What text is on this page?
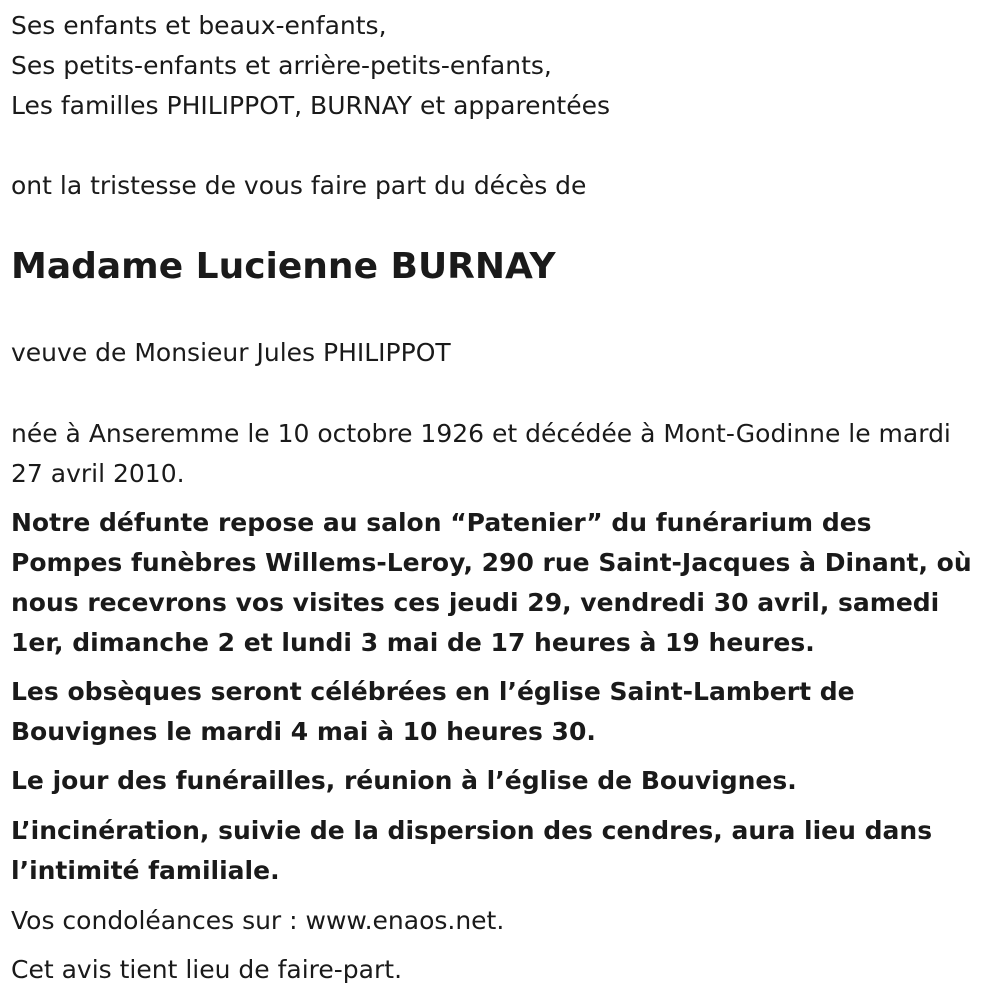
Ses enfants et beaux-enfants,

Ses petits-enfants et arrière-petits-enfants,

Les familles PHILIPPOT, BURNAY et apparentées

ont la tristesse de vous faire part du décès de

Madame Lucienne BURNAY

veuve de Monsieur Jules PHILIPPOT

née à Anseremme le 10 octobre 1926 et décédée à Mont-Godinne le mardi 27 avril 2010.

Notre défunte repose au salon “Patenier” du funérarium des Pompes funèbres Willems-Leroy, 290 rue Saint-Jacques à Dinant, où nous recevrons vos visites ces jeudi 29, vendredi 30 avril, samedi 1er, dimanche 2 et lundi 3 mai de 17 heures à 19 heures.

Les obsèques seront célébrées en l’église Saint-Lambert de Bouvignes le mardi 4 mai à 10 heures 30.

Le jour des funérailles, réunion à l’église de Bouvignes.

L’incinération, suivie de la dispersion des cendres, aura lieu dans l’intimité familiale.

Vos condoléances sur : www.enaos.net.

Cet avis tient lieu de faire-part.
